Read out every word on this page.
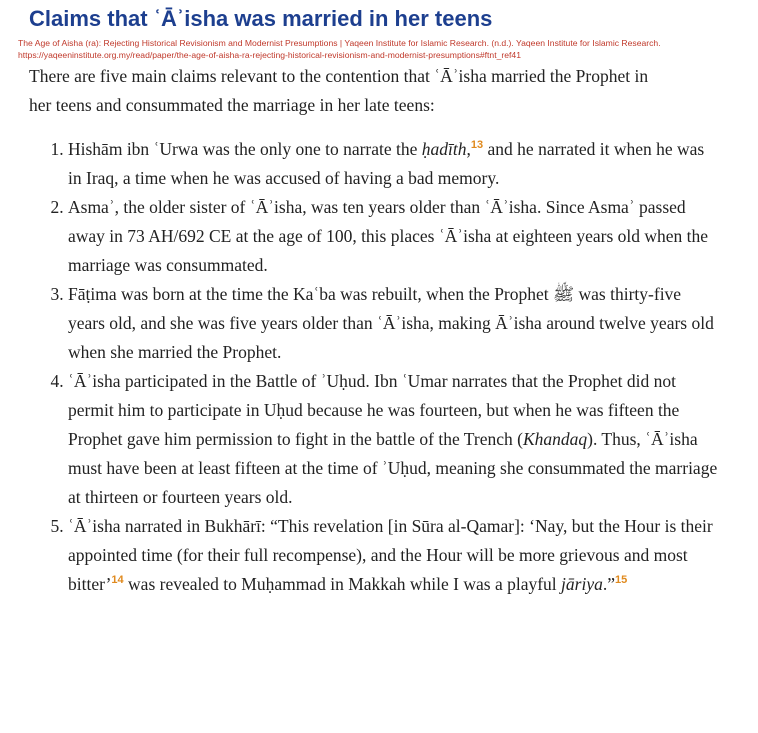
Claims that ʿĀʾisha was married in her teens
The Age of Aisha (ra): Rejecting Historical Revisionism and Modernist Presumptions | Yaqeen Institute for Islamic Research. (n.d.). Yaqeen Institute for Islamic Research.
https://yaqeeninstitute.org.my/read/paper/the-age-of-aisha-ra-rejecting-historical-revisionism-and-modernist-presumptions#ftnt_ref41

There are five main claims relevant to the contention that ʿĀʾisha married the Prophet in her teens and consummated the marriage in her late teens:

1. Hishām ibn ʿUrwa was the only one to narrate the ḥadīth,$^{13}$ and he narrated it when he was in Iraq, a time when he was accused of having a bad memory.
2. Asmaʾ, the older sister of ʿĀʾisha, was ten years older than ʿĀʾisha. Since Asmaʾ passed away in 73 AH/692 CE at the age of 100, this places ʿĀʾisha at eighteen years old when the marriage was consummated.
3. Fāṭima was born at the time the Kaʿba was rebuilt, when the Prophet ﷺ was thirty-five years old, and she was five years older than ʿĀʾisha, making Āʾisha around twelve years old when she married the Prophet.
4. ʿĀʾisha participated in the Battle of ʾUḥud. Ibn ʿUmar narrates that the Prophet did not permit him to participate in Uḥud because he was fourteen, but when he was fifteen the Prophet gave him permission to fight in the battle of the Trench (Khandaq). Thus, ʿĀʾisha must have been at least fifteen at the time of ʾUḥud, meaning she consummated the marriage at thirteen or fourteen years old.
5. ʿĀʾisha narrated in Bukhārī: “This revelation [in Sūra al-Qamar]: ‘Nay, but the Hour is their appointed time (for their full recompense), and the Hour will be more grievous and most bitter’$^{14}$ was revealed to Muḥammad in Makkah while I was a playful jāriya.”$^{15}$
